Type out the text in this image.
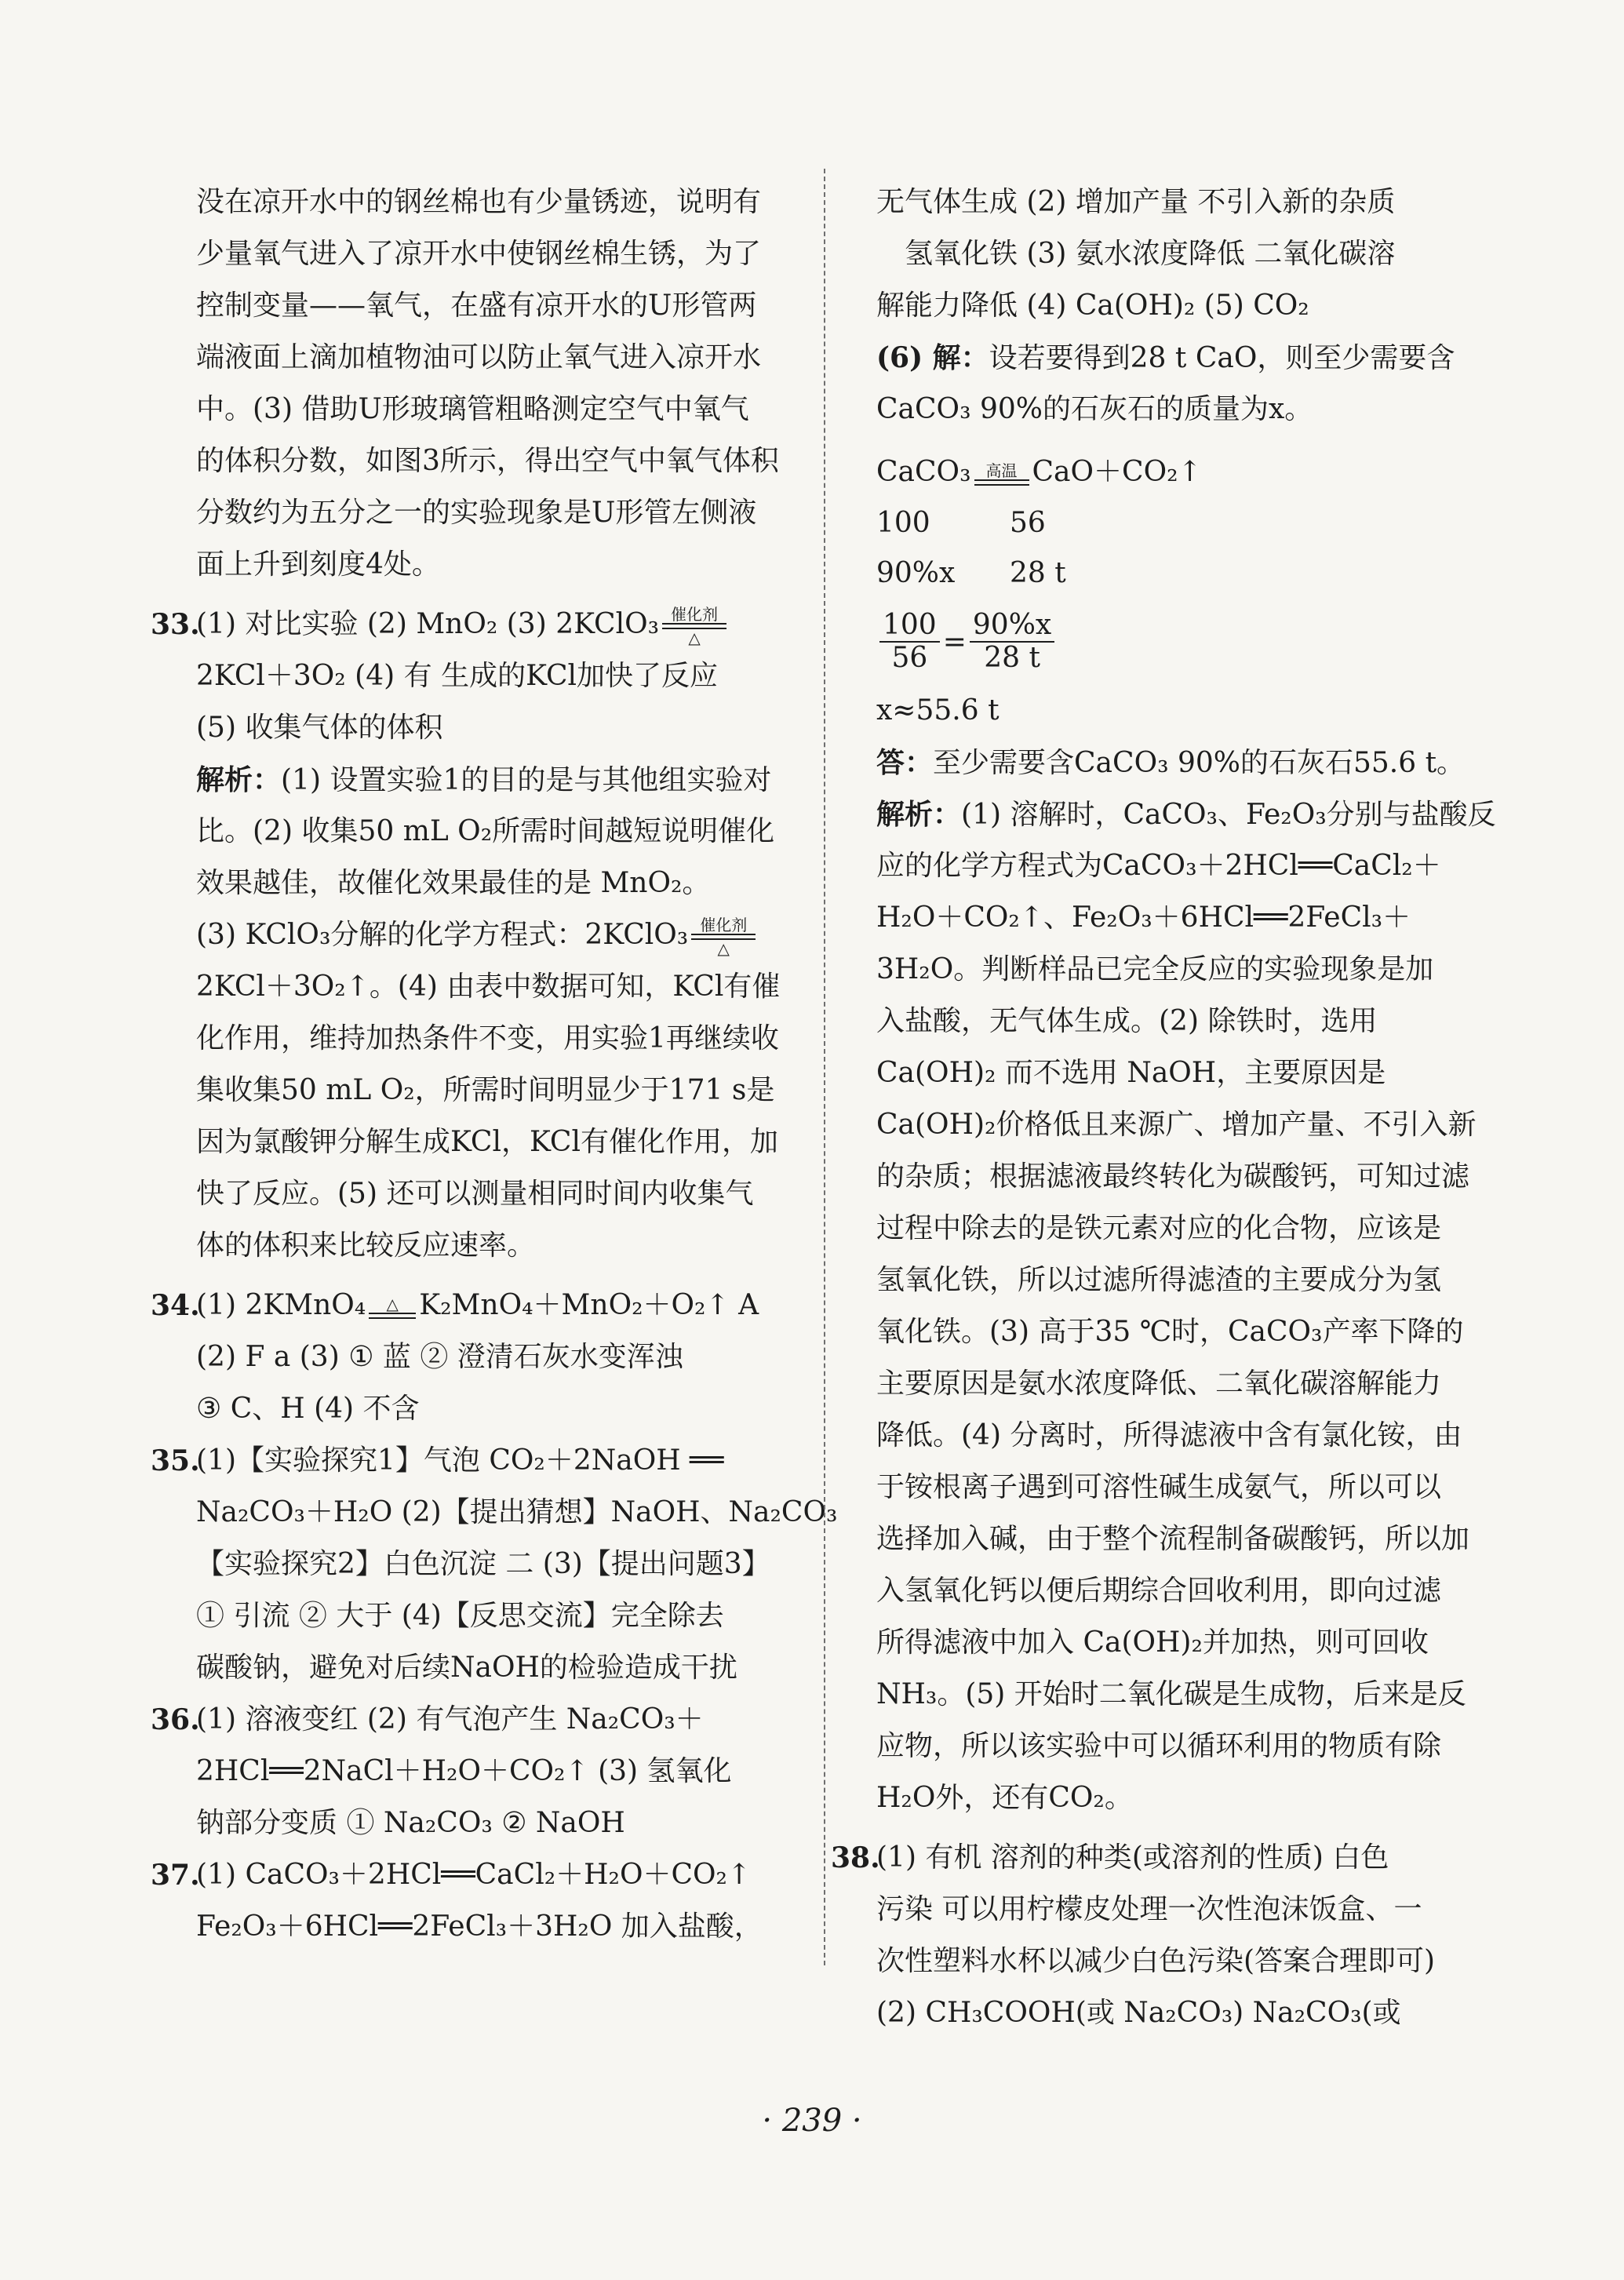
没在凉开水中的钢丝棉也有少量锈迹，说明有
少量氧气进入了凉开水中使钢丝棉生锈，为了
控制变量——氧气，在盛有凉开水的U形管两
端液面上滴加植物油可以防止氧气进入凉开水
中。(3) 借助U形玻璃管粗略测定空气中氧气
的体积分数，如图3所示，得出空气中氧气体积
分数约为五分之一的实验现象是U形管左侧液
面上升到刻度4处。
33.
(1) 对比实验 (2) MnO₂ (3) 2KClO₃ 催化剂
△
2KCl＋3O₂ (4) 有 生成的KCl加快了反应
(5) 收集气体的体积
解析：(1) 设置实验1的目的是与其他组实验对
比。(2) 收集50 mL O₂所需时间越短说明催化
效果越佳，故催化效果最佳的是 MnO₂。
(3) KClO₃分解的化学方程式：2KClO₃ 催化剂
△
2KCl＋3O₂↑。(4) 由表中数据可知，KCl有催
化作用，维持加热条件不变，用实验1再继续收
集收集50 mL O₂，所需时间明显少于171 s是
因为氯酸钾分解生成KCl，KCl有催化作用，加
快了反应。(5) 还可以测量相同时间内收集气
体的体积来比较反应速率。
34.
(1) 2KMnO₄ △ K₂MnO₄＋MnO₂＋O₂↑ A
(2) F a (3) ① 蓝 ② 澄清石灰水变浑浊
③ C、H (4) 不含
35.
(1)【实验探究1】气泡 CO₂＋2NaOH ══
Na₂CO₃＋H₂O (2)【提出猜想】NaOH、Na₂CO₃
【实验探究2】白色沉淀 二 (3)【提出问题3】
① 引流 ② 大于 (4)【反思交流】完全除去
碳酸钠，避免对后续NaOH的检验造成干扰
36.
(1) 溶液变红 (2) 有气泡产生 Na₂CO₃＋
2HCl══2NaCl＋H₂O＋CO₂↑ (3) 氢氧化
钠部分变质 ① Na₂CO₃ ② NaOH
37.
(1) CaCO₃＋2HCl══CaCl₂＋H₂O＋CO₂↑
Fe₂O₃＋6HCl══2FeCl₃＋3H₂O 加入盐酸，
无气体生成 (2) 增加产量 不引入新的杂质
氢氧化铁 (3) 氨水浓度降低 二氧化碳溶
解能力降低 (4) Ca(OH)₂ (5) CO₂
(6) 解：设若要得到28 t CaO，则至少需要含
CaCO₃ 90%的石灰石的质量为x。
CaCO₃ 高温 CaO＋CO₂↑
100	56
90%x	28 t
$\frac{100}{56} = \frac{90\%x}{28 t}$
x≈55.6 t
答：至少需要含CaCO₃ 90%的石灰石55.6 t。
解析：(1) 溶解时，CaCO₃、Fe₂O₃分别与盐酸反
应的化学方程式为CaCO₃＋2HCl══CaCl₂＋
H₂O＋CO₂↑、Fe₂O₃＋6HCl══2FeCl₃＋
3H₂O。判断样品已完全反应的实验现象是加
入盐酸，无气体生成。(2) 除铁时，选用
Ca(OH)₂ 而不选用 NaOH，主要原因是
Ca(OH)₂价格低且来源广、增加产量、不引入新
的杂质；根据滤液最终转化为碳酸钙，可知过滤
过程中除去的是铁元素对应的化合物，应该是
氢氧化铁，所以过滤所得滤渣的主要成分为氢
氧化铁。(3) 高于35 ℃时，CaCO₃产率下降的
主要原因是氨水浓度降低、二氧化碳溶解能力
降低。(4) 分离时，所得滤液中含有氯化铵，由
于铵根离子遇到可溶性碱生成氨气，所以可以
选择加入碱，由于整个流程制备碳酸钙，所以加
入氢氧化钙以便后期综合回收利用，即向过滤
所得滤液中加入 Ca(OH)₂并加热，则可回收
NH₃。(5) 开始时二氧化碳是生成物，后来是反
应物，所以该实验中可以循环利用的物质有除
H₂O外，还有CO₂。
38.
(1) 有机 溶剂的种类(或溶剂的性质) 白色
污染 可以用柠檬皮处理一次性泡沫饭盒、一
次性塑料水杯以减少白色污染(答案合理即可)
(2) CH₃COOH(或 Na₂CO₃) Na₂CO₃(或
· 239 ·
